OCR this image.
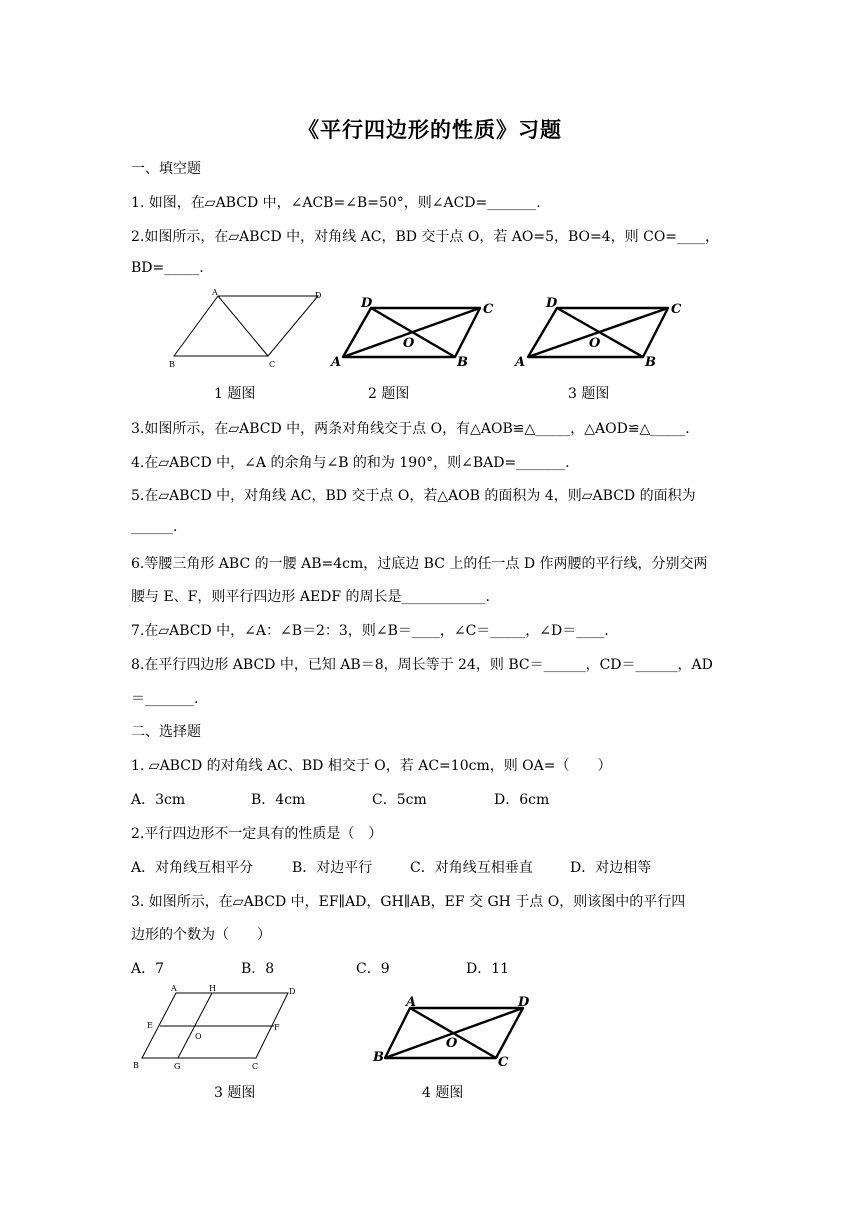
《平行四边形的性质》习题
一、填空题
1. 如图，在▱ABCD 中，∠ACB=∠B=50°，则∠ACD=_______.
2.如图所示，在▱ABCD 中，对角线 AC，BD 交于点 O，若 AO=5，BO=4，则 CO=____，
BD=_____.
A	D
B	C
D	C
A	B
O
D	C
A	B
O
1 题图	2 题图	3 题图
3.如图所示，在▱ABCD 中，两条对角线交于点 O，有△AOB≌△_____，△AOD≌△_____.
4.在▱ABCD 中，∠A 的余角与∠B 的和为 190°，则∠BAD=_______.
5.在▱ABCD 中，对角线 AC，BD 交于点 O，若△AOB 的面积为 4，则▱ABCD 的面积为
______.
6.等腰三角形 ABC 的一腰 AB=4cm，过底边 BC 上的任一点 D 作两腰的平行线，分别交两
腰与 E、F，则平行四边形 AEDF 的周长是____________.
7.在▱ABCD 中，∠A：∠B＝2：3，则∠B＝____，∠C＝_____，∠D＝____.
8.在平行四边形 ABCD 中，已知 AB＝8，周长等于 24，则 BC＝______，CD＝______，AD
＝_______.
二、选择题
1. ▱ABCD 的对角线 AC、BD 相交于 O，若 AC=10cm，则 OA=（　　）
A．3cm	B．4cm	C．5cm	D．6cm
2.平行四边形不一定具有的性质是（　）
A．对角线互相平分	B．对边平行	C．对角线互相垂直	D．对边相等
3. 如图所示，在▱ABCD 中，EF∥AD，GH∥AB，EF 交 GH 于点 O，则该图中的平行四
边形的个数为（　　）
A．7	B．8	C．9	D．11
A	H	D
E
O
F
B	G	C
A	D
B	C
O
3 题图	4 题图
